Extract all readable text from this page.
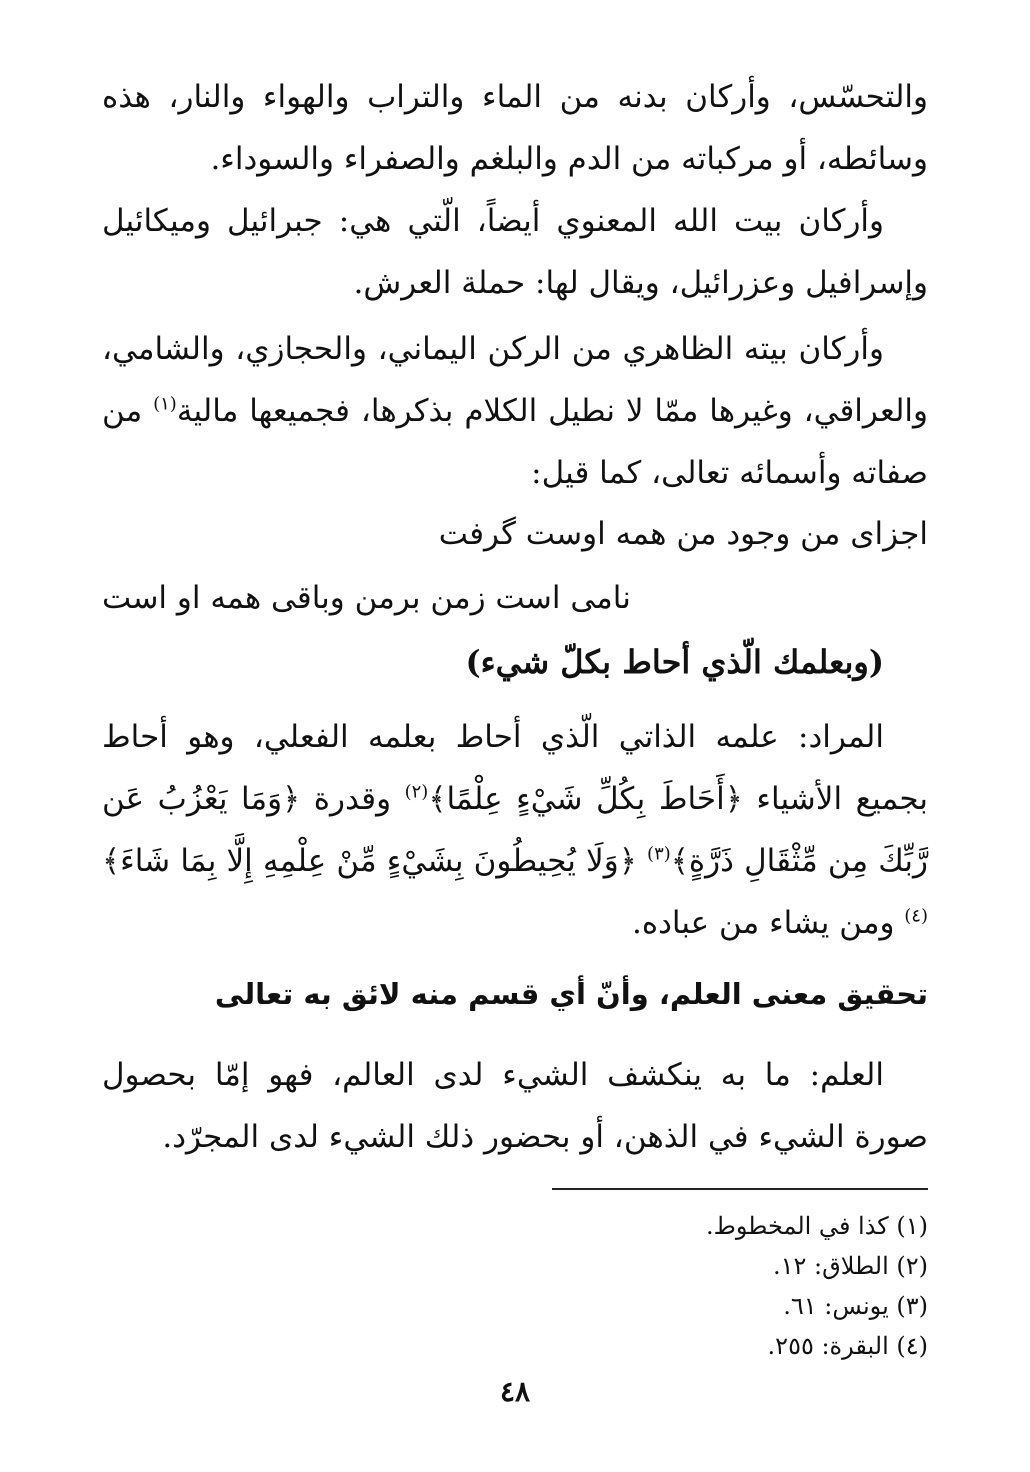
والتحسّس، وأركان بدنه من الماء والتراب والهواء والنار، هذه وسائطه، أو مركباته من الدم والبلغم والصفراء والسوداء.

وأركان بيت الله المعنوي أيضاً، الّتي هي: جبرائيل وميكائيل وإسرافيل وعزرائيل، ويقال لها: حملة العرش.

وأركان بيته الظاهري من الركن اليماني، والحجازي، والشامي، والعراقي، وغيرها ممّا لا نطيل الكلام بذكرها، فجميعها مالية$^{(١)}$ من صفاته وأسمائه تعالى، كما قيل:

اجزای من وجود من همه اوست گرفت
نامی است زمن برمن وباقی همه او است
(وبعلمك الّذي أحاط بكلّ شيء)

المراد: علمه الذاتي الّذي أحاط بعلمه الفعلي، وهو أحاط بجميع الأشياء ﴿أَحَاطَ بِكُلِّ شَيْءٍ عِلْمًا﴾$^{(٢)}$ وقدرة ﴿وَمَا يَعْزُبُ عَن رَّبِّكَ مِن مِّثْقَالِ ذَرَّةٍ﴾$^{(٣)}$ ﴿وَلَا يُحِيطُونَ بِشَيْءٍ مِّنْ عِلْمِهِ إِلَّا بِمَا شَاءَ﴾$^{(٤)}$ ومن يشاء من عباده.

تحقيق معنى العلم، وأنّ أي قسم منه لائق به تعالى

العلم: ما به ينكشف الشيء لدى العالم، فهو إمّا بحصول صورة الشيء في الذهن، أو بحضور ذلك الشيء لدى المجرّد.

(١) كذا في المخطوط.
(٢) الطلاق: ١٢.
(٣) يونس: ٦١.
(٤) البقرة: ٢٥٥.
٤٨
